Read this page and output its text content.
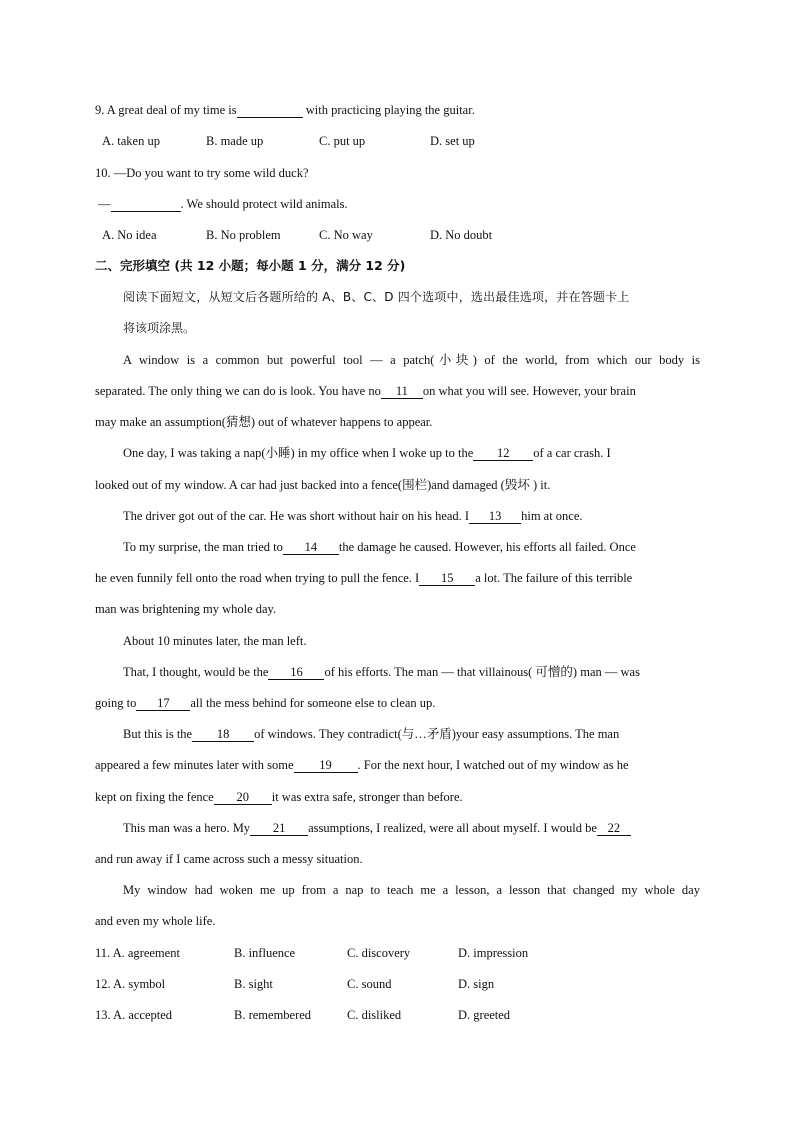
9. A great deal of my time is	with practicing playing the guitar.
A. taken up	B. made up	C. put up	D. set up
10. —Do you want to try some wild duck?
—	. We should protect wild animals.
A. No idea	B. No problem	C. No way	D. No doubt
二、完形填空 (共 12 小题；每小题 1 分，满分 12 分)
阅读下面短文，从短文后各题所给的 A、B、C、D 四个选项中，选出最佳选项，并在答题卡上
将该项涂黑。
A window is a common but powerful tool — a patch(小块) of the world, from which our body is
separated. The only thing we can do is look. You have no 11 on what you will see. However, your brain
may make an assumption(猜想) out of whatever happens to appear.
One day, I was taking a nap(小睡) in my office when I woke up to the 12 of a car crash. I
looked out of my window. A car had just backed into a fence(围栏)and damaged (毁坏 ) it.
The driver got out of the car. He was short without hair on his head. I 13 him at once.
To my surprise, the man tried to 14 the damage he caused. However, his efforts all failed. Once
he even funnily fell onto the road when trying to pull the fence. I 15 a lot. The failure of this terrible
man was brightening my whole day.
About 10 minutes later, the man left.
That, I thought, would be the 16 of his efforts. The man — that villainous( 可憎的) man — was
going to 17 all the mess behind for someone else to clean up.
But this is the 18 of windows. They contradict(与…矛盾)your easy assumptions. The man
appeared a few minutes later with some 19 . For the next hour, I watched out of my window as he
kept on fixing the fence 20 it was extra safe, stronger than before.
This man was a hero. My 21 assumptions, I realized, were all about myself. I would be 22
and run away if I came across such a messy situation.
My window had woken me up from a nap to teach me a lesson, a lesson that changed my whole day
and even my whole life.
11. A. agreement	B. influence	C. discovery	D. impression
12. A. symbol	B. sight	C. sound	D. sign
13. A. accepted	B. remembered	C. disliked	D. greeted
